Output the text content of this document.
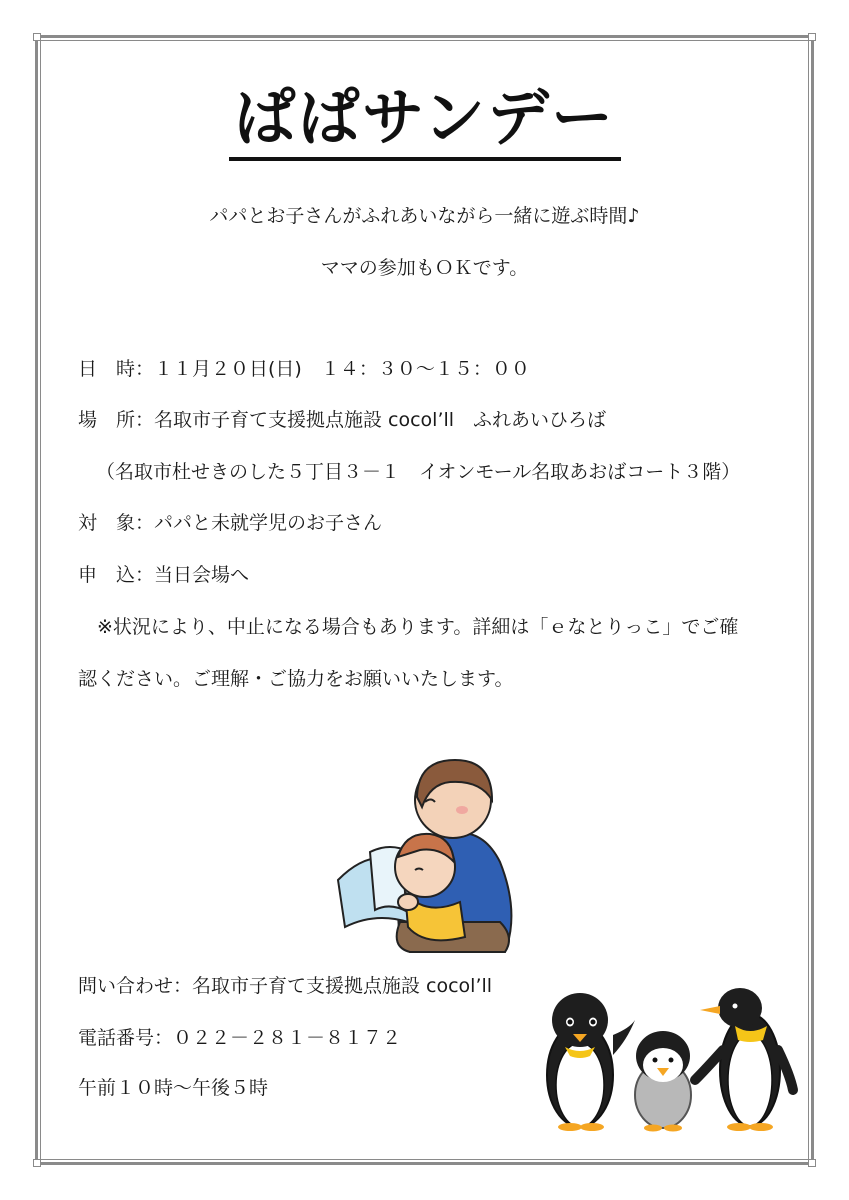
ぱぱサンデー
パパとお子さんがふれあいながら一緒に遊ぶ時間♪
ママの参加もＯＫです。
日　時：１１月２０日(日)　１４：３０～１５：００
場　所：名取市子育て支援拠点施設 cocol’ll　ふれあいひろば
（名取市杜せきのした５丁目３－１　イオンモール名取あおばコート３階）
対　象：パパと未就学児のお子さん
申　込：当日会場へ
※状況により、中止になる場合もあります。詳細は「ｅなとりっこ」でご確
認ください。ご理解・ご協力をお願いいたします。
問い合わせ：名取市子育て支援拠点施設 cocol’ll
電話番号：０２２－２８１－８１７２
午前１０時～午後５時
